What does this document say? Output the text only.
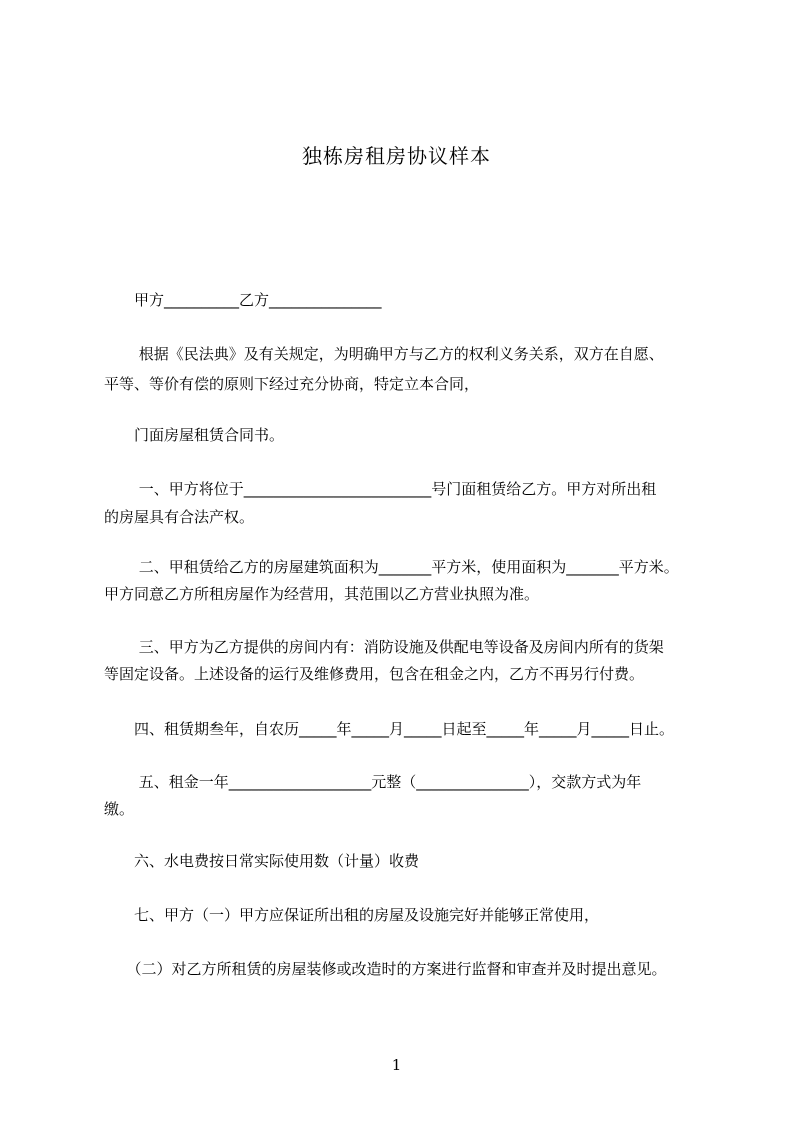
独栋房租房协议样本
　　甲方__________乙方_______________
　　 根据《民法典》及有关规定，为明确甲方与乙方的权利义务关系，双方在自愿、
平等、等价有偿的原则下经过充分协商，特定立本合同，
　　门面房屋租赁合同书。
　　 一、甲方将位于_________________________号门面租赁给乙方。甲方对所出租
的房屋具有合法产权。
　　 二、甲租赁给乙方的房屋建筑面积为_______平方米，使用面积为_______平方米。
甲方同意乙方所租房屋作为经营用，其范围以乙方营业执照为准。
　　 三、甲方为乙方提供的房间内有：消防设施及供配电等设备及房间内所有的货架
等固定设备。上述设备的运行及维修费用，包含在租金之内，乙方不再另行付费。
　　四、租赁期叁年，自农历_____年_____月_____日起至_____年_____月_____日止。
　　 五、租金一年___________________元整（_______________），交款方式为年
缴。
　　六、水电费按日常实际使用数（计量）收费
　　七、甲方（一）甲方应保证所出租的房屋及设施完好并能够正常使用，
　　（二）对乙方所租赁的房屋装修或改造时的方案进行监督和审查并及时提出意见。
1
